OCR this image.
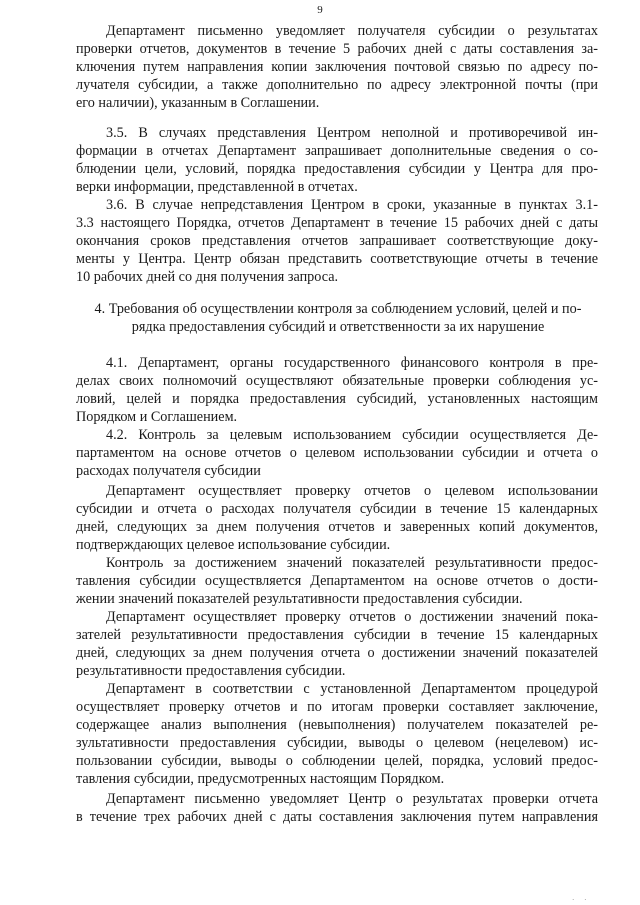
9
Департамент письменно уведомляет получателя субсидии о результатах
проверки отчетов, документов в течение 5 рабочих дней с даты составления за-
ключения путем направления копии заключения почтовой связью по адресу по-
лучателя субсидии, а также дополнительно по адресу электронной почты (при
его наличии), указанным в Соглашении.
3.5. В случаях представления Центром неполной и противоречивой ин-
формации в отчетах Департамент запрашивает дополнительные сведения о со-
блюдении цели, условий, порядка предоставления субсидии у Центра для про-
верки информации, представленной в отчетах.
3.6. В случае непредставления Центром в сроки, указанные в пунктах 3.1-
3.3 настоящего Порядка, отчетов Департамент в течение 15 рабочих дней с даты
окончания сроков представления отчетов запрашивает соответствующие доку-
менты у Центра. Центр обязан представить соответствующие отчеты в течение
10 рабочих дней со дня получения запроса.
4. Требования об осуществлении контроля за соблюдением условий, целей и по-
рядка предоставления субсидий и ответственности за их нарушение
4.1. Департамент, органы государственного финансового контроля в пре-
делах своих полномочий осуществляют обязательные проверки соблюдения ус-
ловий, целей и порядка предоставления субсидий, установленных настоящим
Порядком и Соглашением.
4.2. Контроль за целевым использованием субсидии осуществляется Де-
партаментом на основе отчетов о целевом использовании субсидии и отчета о
расходах получателя субсидии
Департамент осуществляет проверку отчетов о целевом использовании
субсидии и отчета о расходах получателя субсидии в течение 15 календарных
дней, следующих за днем получения отчетов и заверенных копий документов,
подтверждающих целевое использование субсидии.
Контроль за достижением значений показателей результативности предос-
тавления субсидии осуществляется Департаментом на основе отчетов о дости-
жении значений показателей результативности предоставления субсидии.
Департамент осуществляет проверку отчетов о достижении значений пока-
зателей результативности предоставления субсидии в течение 15 календарных
дней, следующих за днем получения отчета о достижении значений показателей
результативности предоставления субсидии.
Департамент в соответствии с установленной Департаментом процедурой
осуществляет проверку отчетов и по итогам проверки составляет заключение,
содержащее анализ выполнения (невыполнения) получателем показателей ре-
зультативности предоставления субсидии, выводы о целевом (нецелевом) ис-
пользовании субсидии, выводы о соблюдении целей, порядка, условий предос-
тавления субсидии, предусмотренных настоящим Порядком.
Департамент письменно уведомляет Центр о результатах проверки отчета
в течение трех рабочих дней с даты составления заключения путем направления
· ·
